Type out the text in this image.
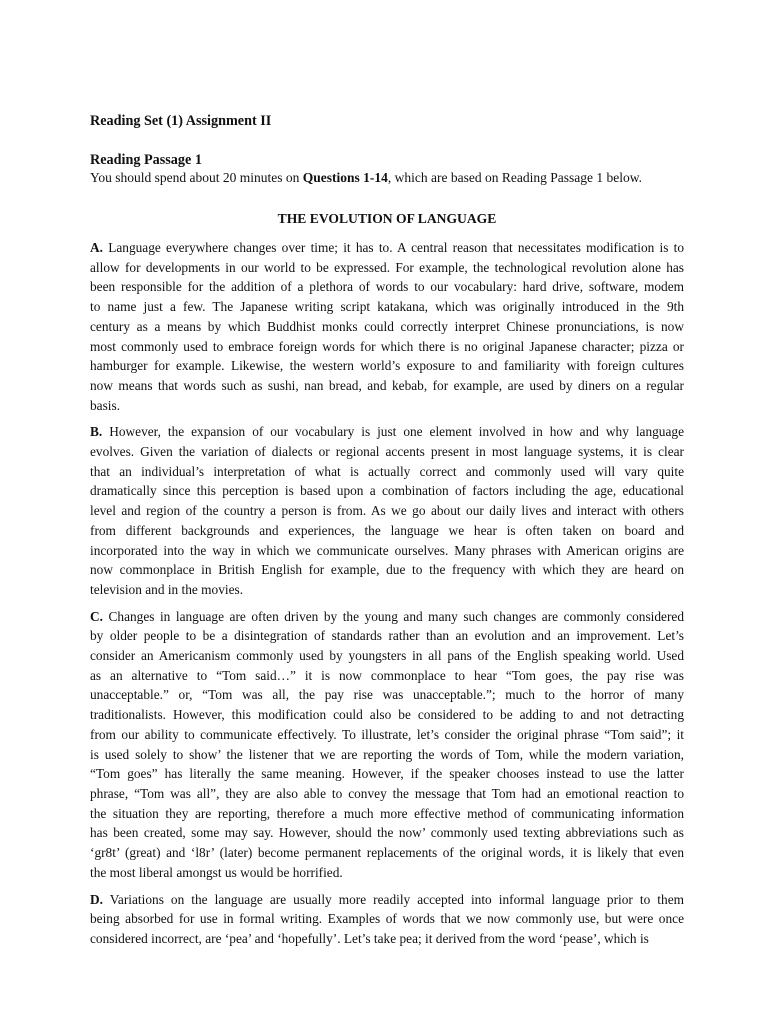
Reading Set (1) Assignment II

Reading Passage 1

You should spend about 20 minutes on Questions 1-14, which are based on Reading Passage 1 below.

THE EVOLUTION OF LANGUAGE

A. Language everywhere changes over time; it has to. A central reason that necessitates modification is to
allow for developments in our world to be expressed. For example, the technological revolution alone has
been responsible for the addition of a plethora of words to our vocabulary: hard drive, software, modem
to name just a few. The Japanese writing script katakana, which was originally introduced in the 9th
century as a means by which Buddhist monks could correctly interpret Chinese pronunciations, is now
most commonly used to embrace foreign words for which there is no original Japanese character; pizza or
hamburger for example. Likewise, the western world’s exposure to and familiarity with foreign cultures
now means that words such as sushi, nan bread, and kebab, for example, are used by diners on a regular
basis.
B. However, the expansion of our vocabulary is just one element involved in how and why language
evolves. Given the variation of dialects or regional accents present in most language systems, it is clear
that an individual’s interpretation of what is actually correct and commonly used will vary quite
dramatically since this perception is based upon a combination of factors including the age, educational
level and region of the country a person is from. As we go about our daily lives and interact with others
from different backgrounds and experiences, the language we hear is often taken on board and
incorporated into the way in which we communicate ourselves. Many phrases with American origins are
now commonplace in British English for example, due to the frequency with which they are heard on
television and in the movies.
C. Changes in language are often driven by the young and many such changes are commonly considered
by older people to be a disintegration of standards rather than an evolution and an improvement. Let’s
consider an Americanism commonly used by youngsters in all pans of the English speaking world. Used
as an alternative to “Tom said…” it is now commonplace to hear “Tom goes, the pay rise was
unacceptable.” or, “Tom was all, the pay rise was unacceptable.”; much to the horror of many
traditionalists. However, this modification could also be considered to be adding to and not detracting
from our ability to communicate effectively. To illustrate, let’s consider the original phrase “Tom said”; it
is used solely to show’ the listener that we are reporting the words of Tom, while the modern variation,
“Tom goes” has literally the same meaning. However, if the speaker chooses instead to use the latter
phrase, “Tom was all”, they are also able to convey the message that Tom had an emotional reaction to
the situation they are reporting, therefore a much more effective method of communicating information
has been created, some may say. However, should the now’ commonly used texting abbreviations such as
‘gr8t’ (great) and ‘l8r’ (later) become permanent replacements of the original words, it is likely that even
the most liberal amongst us would be horrified.
D. Variations on the language are usually more readily accepted into informal language prior to them
being absorbed for use in formal writing. Examples of words that we now commonly use, but were once
considered incorrect, are ‘pea’ and ‘hopefully’. Let’s take pea; it derived from the word ‘pease’, which is
